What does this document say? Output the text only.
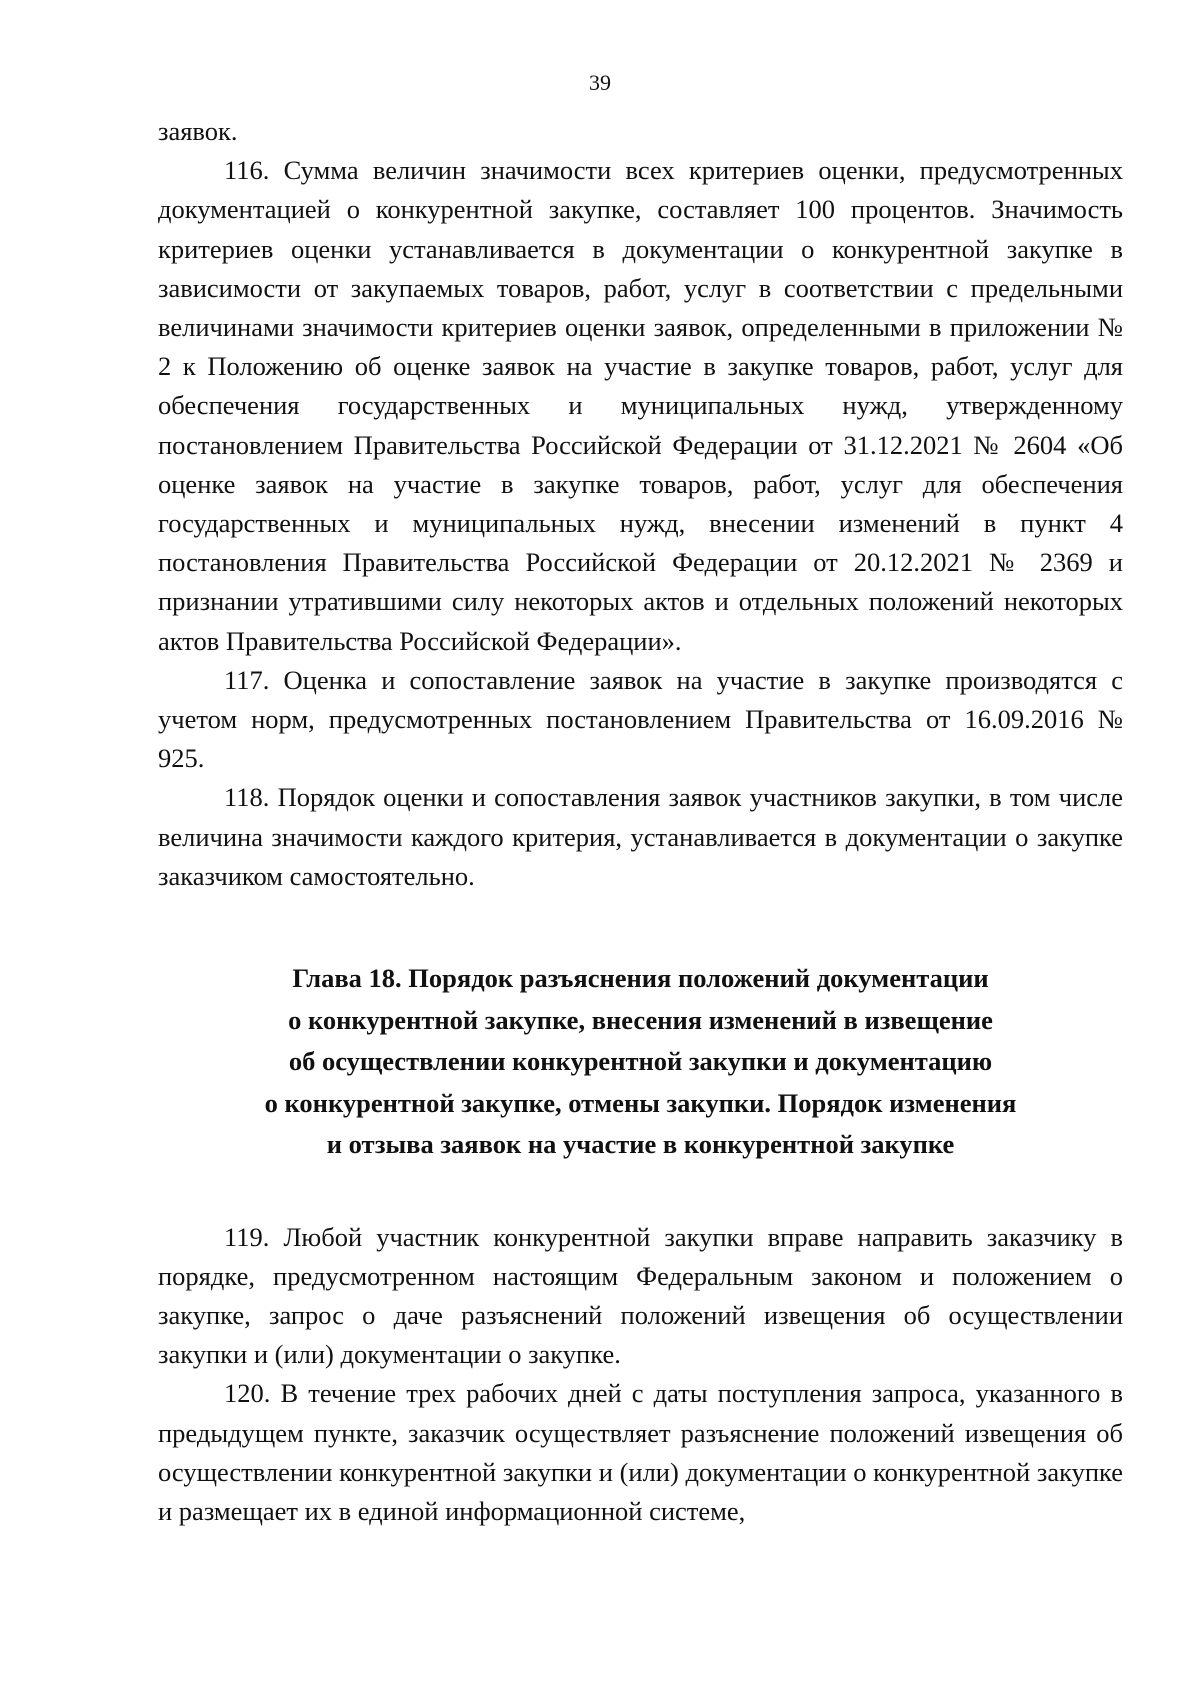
39

заявок.

116. Сумма величин значимости всех критериев оценки, предусмотренных документацией о конкурентной закупке, составляет 100 процентов. Значимость критериев оценки устанавливается в документации о конкурентной закупке в зависимости от закупаемых товаров, работ, услуг в соответствии с предельными величинами значимости критериев оценки заявок, определенными в приложении № 2 к Положению об оценке заявок на участие в закупке товаров, работ, услуг для обеспечения государственных и муниципальных нужд, утвержденному постановлением Правительства Российской Федерации от 31.12.2021 № 2604 «Об оценке заявок на участие в закупке товаров, работ, услуг для обеспечения государственных и муниципальных нужд, внесении изменений в пункт 4 постановления Правительства Российской Федерации от 20.12.2021 № 2369 и признании утратившими силу некоторых актов и отдельных положений некоторых актов Правительства Российской Федерации».

117. Оценка и сопоставление заявок на участие в закупке производятся с учетом норм, предусмотренных постановлением Правительства от 16.09.2016 № 925.

118. Порядок оценки и сопоставления заявок участников закупки, в том числе величина значимости каждого критерия, устанавливается в документации о закупке заказчиком самостоятельно.

Глава 18. Порядок разъяснения положений документации
о конкурентной закупке, внесения изменений в извещение
об осуществлении конкурентной закупки и документацию
о конкурентной закупке, отмены закупки. Порядок изменения
и отзыва заявок на участие в конкурентной закупке

119. Любой участник конкурентной закупки вправе направить заказчику в порядке, предусмотренном настоящим Федеральным законом и положением о закупке, запрос о даче разъяснений положений извещения об осуществлении закупки и (или) документации о закупке.

120. В течение трех рабочих дней с даты поступления запроса, указанного в предыдущем пункте, заказчик осуществляет разъяснение положений извещения об осуществлении конкурентной закупки и (или) документации о конкурентной закупке и размещает их в единой информационной системе,
